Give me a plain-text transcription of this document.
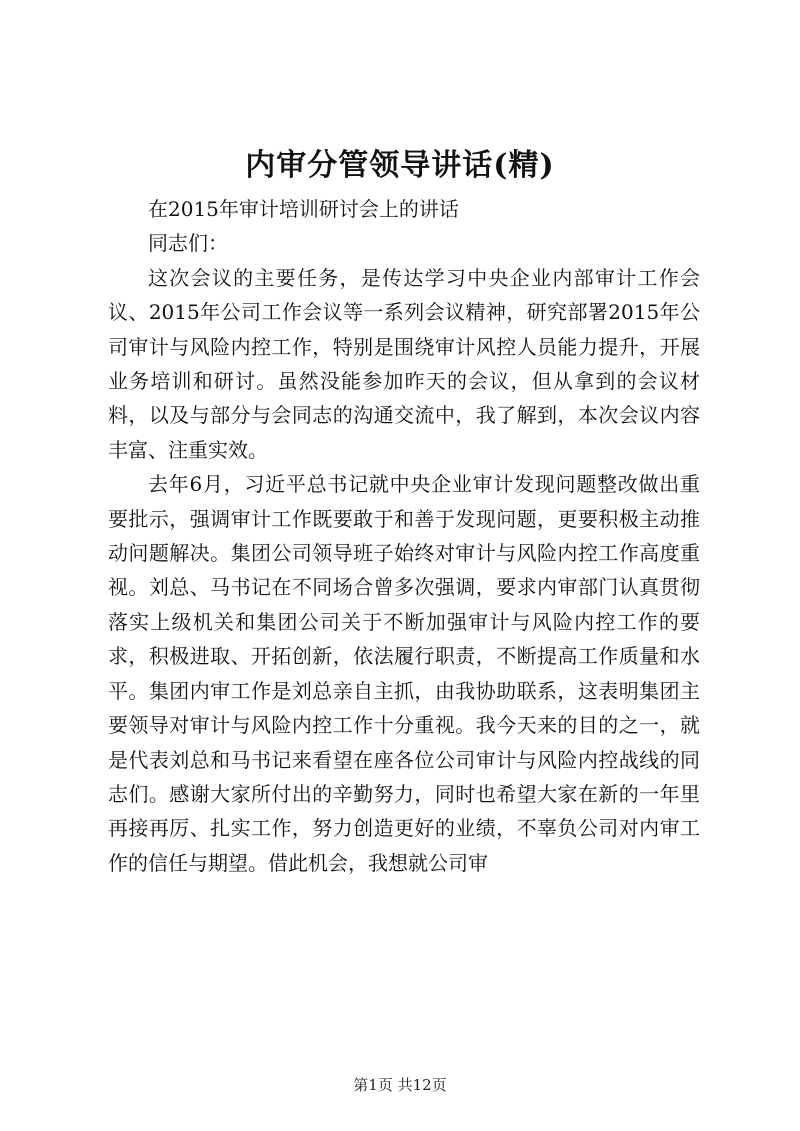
内审分管领导讲话(精)

在2015年审计培训研讨会上的讲话

同志们：

这次会议的主要任务，是传达学习中央企业内部审计工作会议、2015年公司工作会议等一系列会议精神，研究部署2015年公司审计与风险内控工作，特别是围绕审计风控人员能力提升，开展业务培训和研讨。虽然没能参加昨天的会议，但从拿到的会议材料，以及与部分与会同志的沟通交流中，我了解到，本次会议内容丰富、注重实效。

去年6月，习近平总书记就中央企业审计发现问题整改做出重要批示，强调审计工作既要敢于和善于发现问题，更要积极主动推动问题解决。集团公司领导班子始终对审计与风险内控工作高度重视。刘总、马书记在不同场合曾多次强调，要求内审部门认真贯彻落实上级机关和集团公司关于不断加强审计与风险内控工作的要求，积极进取、开拓创新，依法履行职责，不断提高工作质量和水平。集团内审工作是刘总亲自主抓，由我协助联系，这表明集团主要领导对审计与风险内控工作十分重视。我今天来的目的之一，就是代表刘总和马书记来看望在座各位公司审计与风险内控战线的同志们。感谢大家所付出的辛勤努力，同时也希望大家在新的一年里再接再厉、扎实工作，努力创造更好的业绩，不辜负公司对内审工作的信任与期望。借此机会，我想就公司审

第1页 共12页
